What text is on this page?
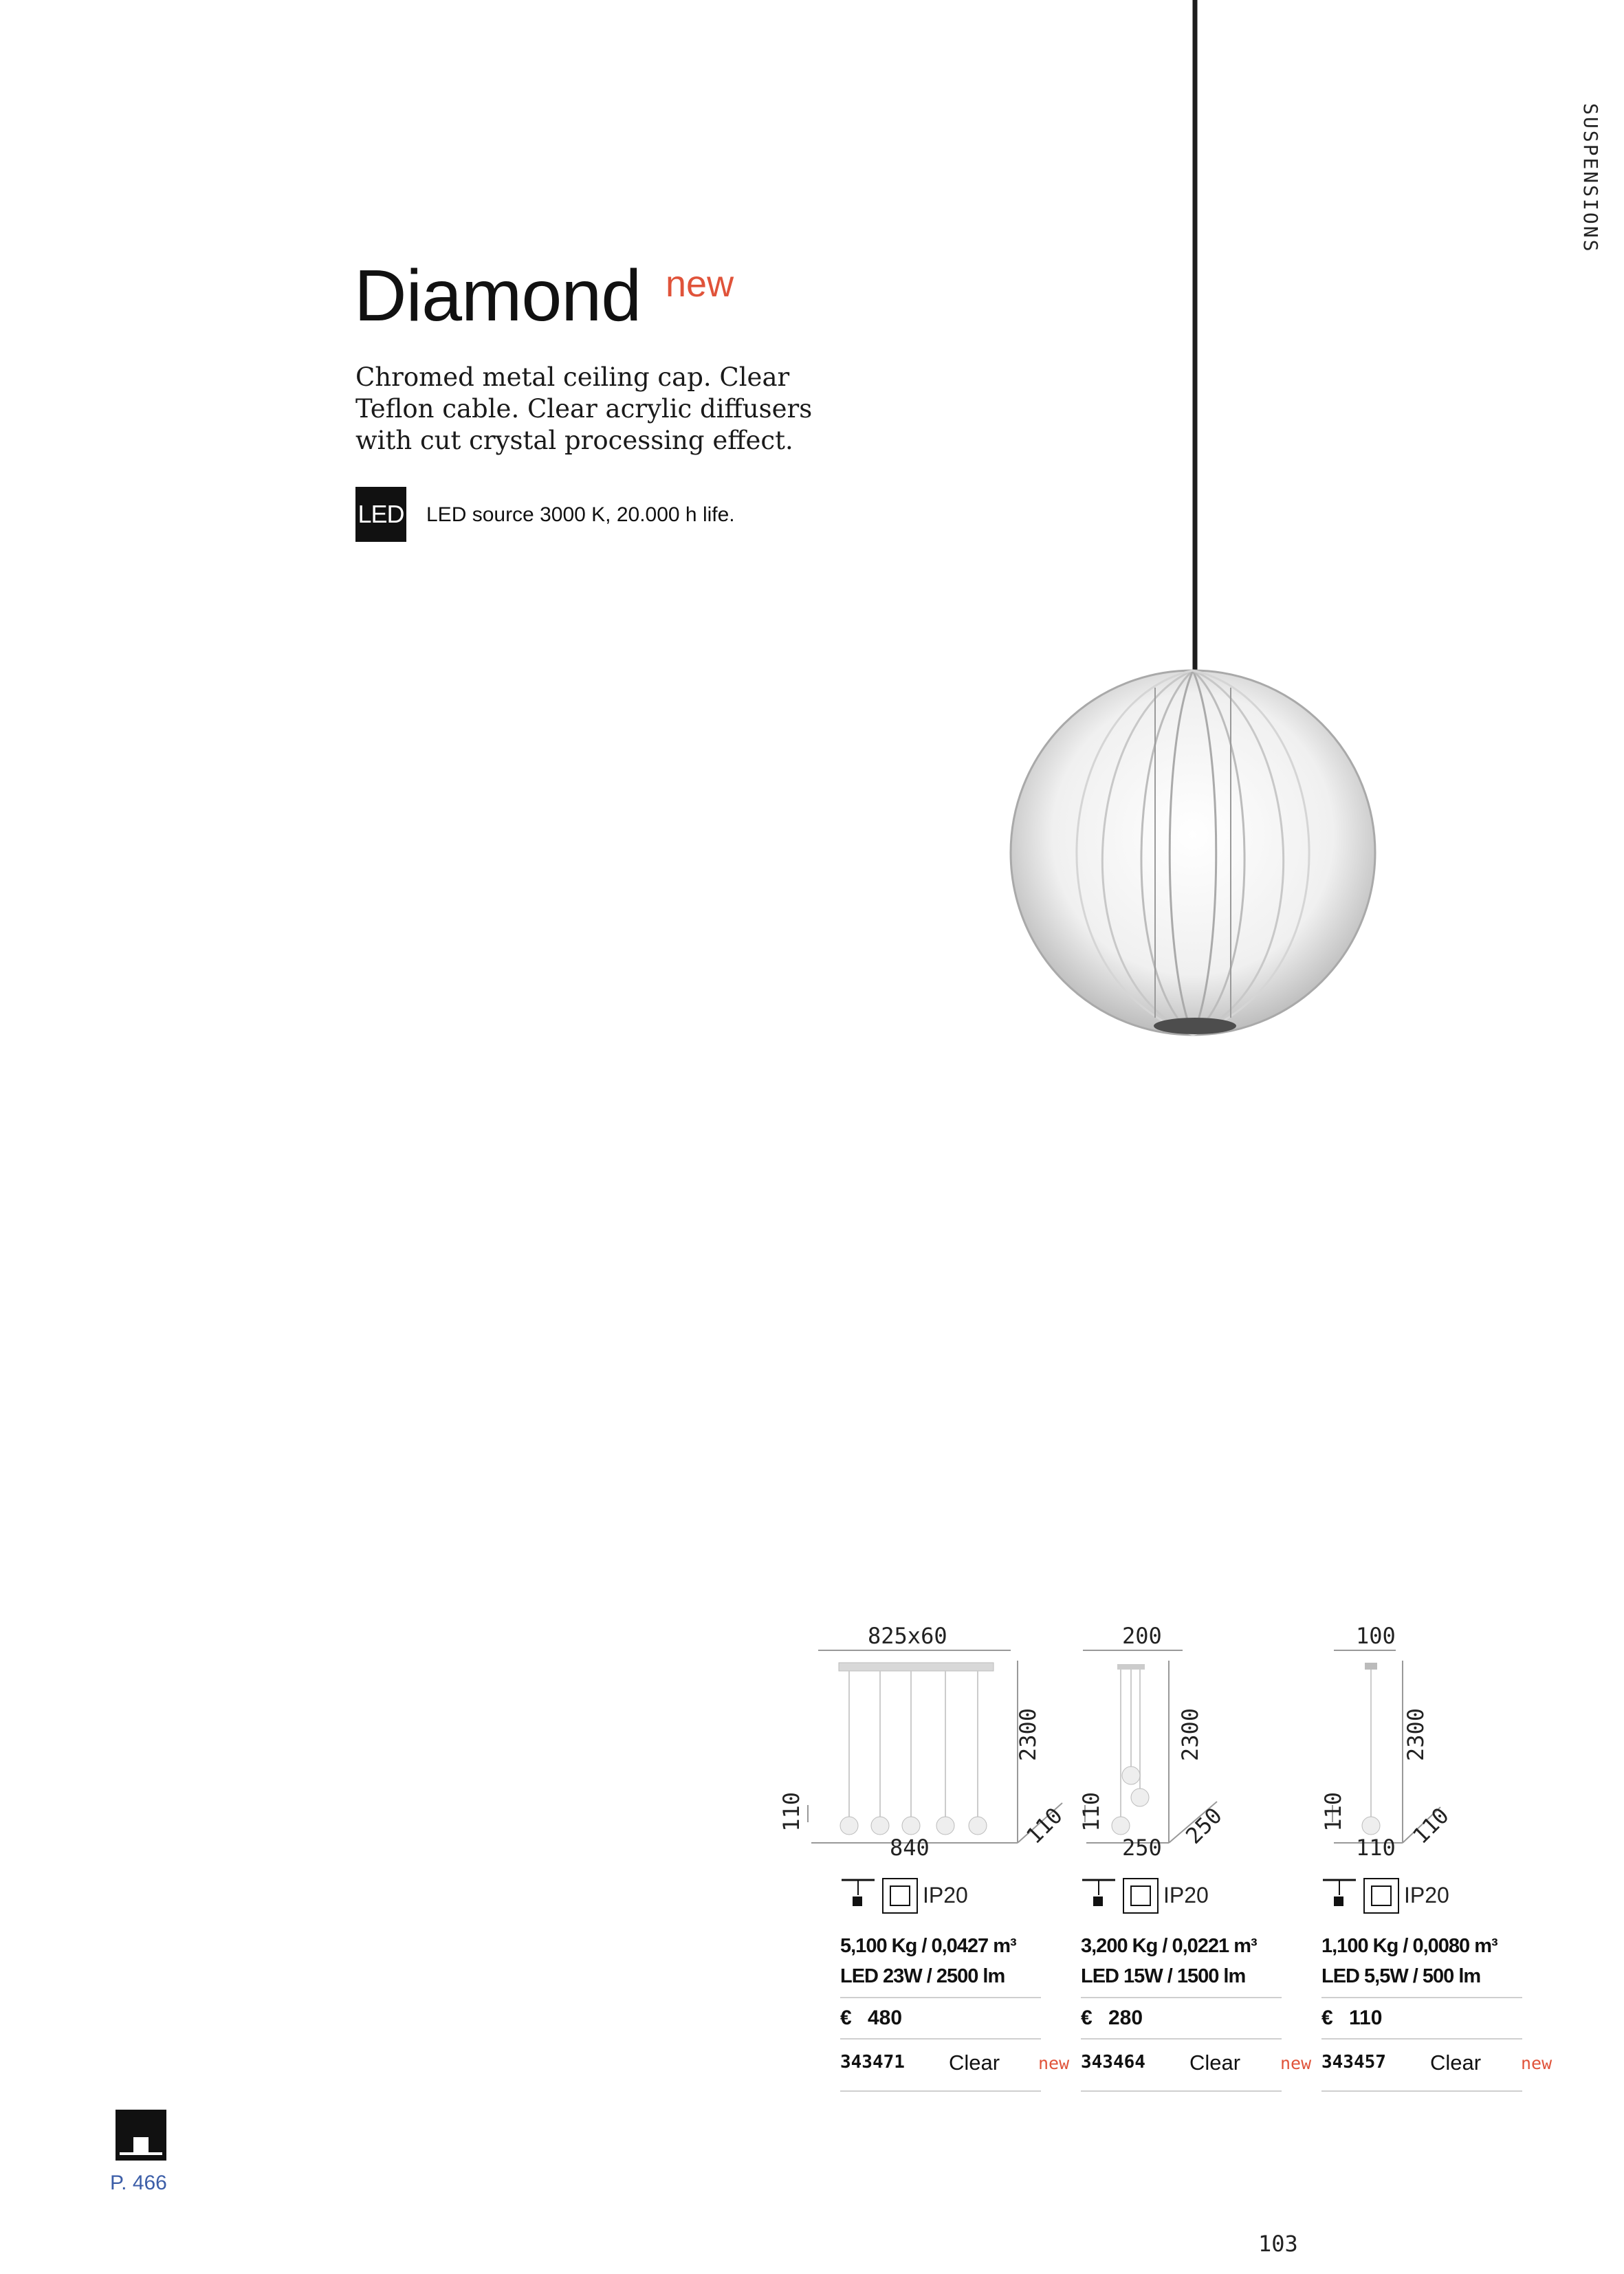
SUSPENSIONS
Diamond new
Chromed metal ceiling cap. Clear Teflon cable. Clear acrylic diffusers with cut crystal processing effect.
LED LED source 3000 K, 20.000 h life.
825x60
2300
110
840	110
200
2300
110
250 250
100
2300
110
110 110
IP20	IP20	IP20
5,100 Kg / 0,0427 m³
LED 23W / 2500 lm
€ 480
343471 Clear new
3,200 Kg / 0,0221 m³
LED 15W / 1500 lm
€ 280
343464 Clear new
1,100 Kg / 0,0080 m³
LED 5,5W / 500 lm
€ 110
343457 Clear new
P. 466
103
